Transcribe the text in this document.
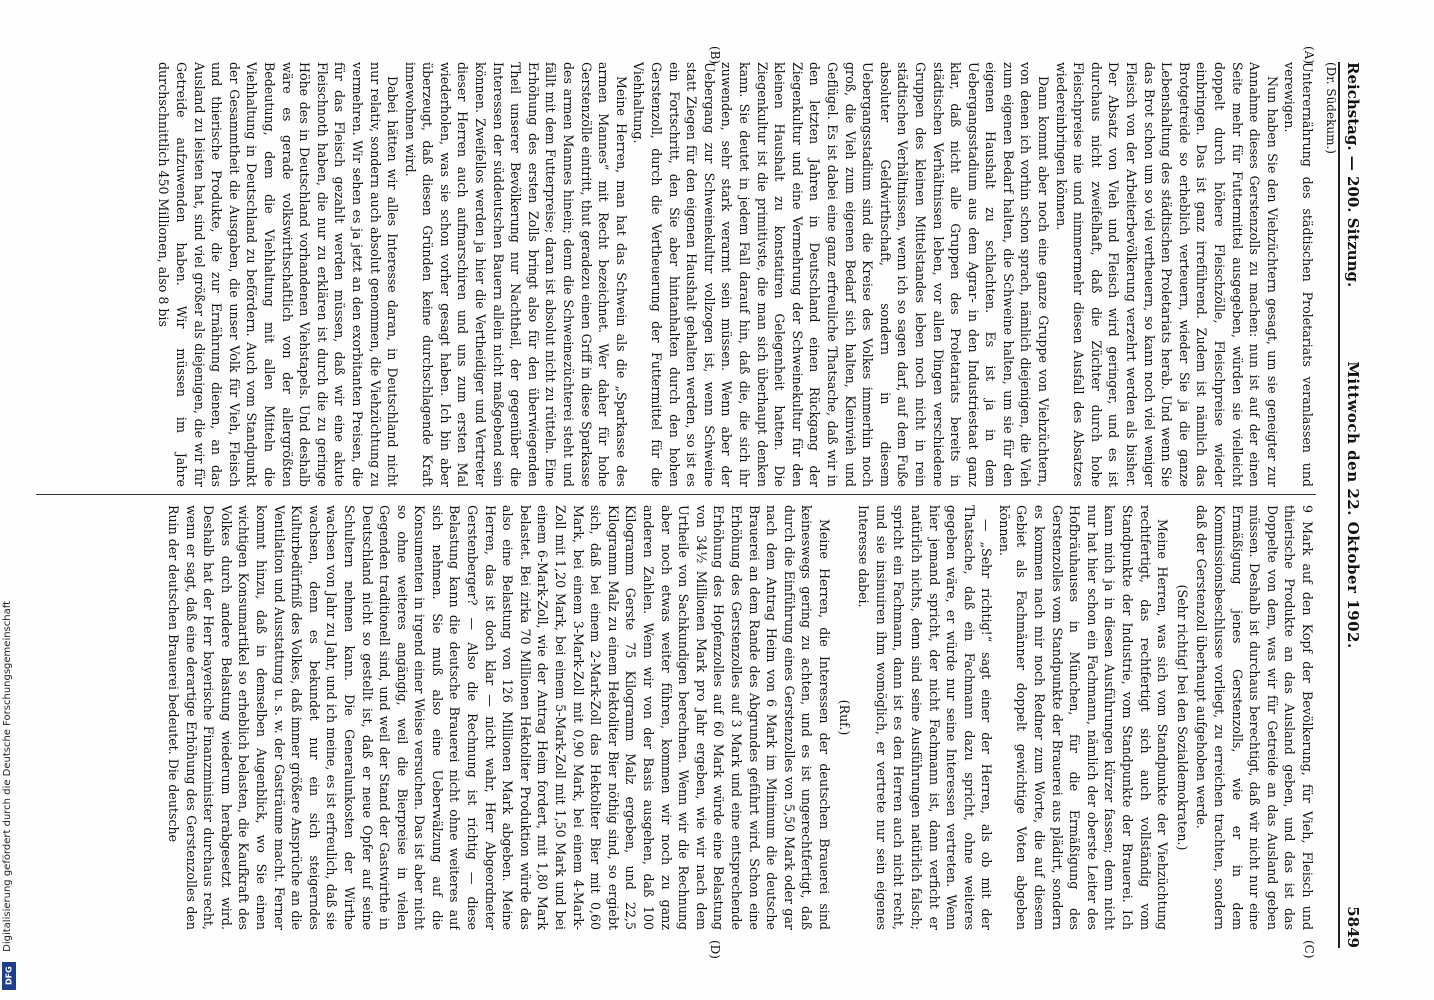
Reichstag. — 200. Sitzung.
Mittwoch den 22. Oktober 1902.
5849
(Dr. Südekum.)
(A)
(B)
(C)
(D)

Unterernährung des städtischen Proletariats veranlassen und verewigen.

Nun haben Sie den Viehzüchtern gesagt, um sie geneigter zur Annahme dieses Gerstenzolls zu machen: nun ist auf der einen Seite mehr für Futtermittel ausgegeben, würden sie vielleicht doppelt durch höhere Fleischzölle, Fleischpreise wieder einbringen. Das ist ganz irreführend. Zudem ist nämlich das Brotgetreide so erheblich verteuern, wieder Sie ja die ganze Lebenshaltung des städtischen Proletariats herab. Und wenn Sie das Brot schon um so viel vertheuern, so kann noch viel weniger Fleisch von der Arbeiterbevölkerung verzehrt werden als bisher. Der Absatz von Vieh und Fleisch wird geringer, und es ist durchaus nicht zweifelhaft, daß die Züchter durch hohe Fleischpreise nie und nimmermehr diesen Ausfall des Absatzes wiedereinbringen können.

Dann kommt aber noch eine ganze Gruppe von Viehzüchtern, von denen ich vorhin schon sprach, nämlich diejenigen, die Vieh zum eigenen Bedarf halten, die Schweine halten, um sie für den eigenen Haushalt zu schlachten. Es ist ja in dem Uebergangsstadium aus dem Agrar- in den Industriestaat ganz klar, daß nicht alle Gruppen des Proletariats bereits in städtischen Verhältnissen leben, vor allen Dingen verschiedene Gruppen des kleinen Mittelstandes leben noch nicht in rein städtischen Verhältnissen, wenn ich so sagen darf, auf dem Fuße absoluter Geldwirthschaft, sondern in diesem Uebergangsstadium sind die Kreise des Volkes immerhin noch groß, die Vieh zum eigenen Bedarf sich halten, Kleinvieh und Geflügel. Es ist dabei eine ganz erfreuliche Thatsache, daß wir in den letzten Jahren in Deutschland einen Rückgang der Ziegenkultur und eine Vermehrung der Schweinekultur für den kleinen Haushalt zu konstatiren Gelegenheit hatten. Die Ziegenkultur ist die primitivste, die man sich überhaupt denken kann. Sie deutet in jedem Fall darauf hin, daß die, die sich ihr zuwenden, sehr stark verarmt sein müssen. Wenn aber der Uebergang zur Schweinekultur vollzogen ist, wenn Schweine statt Ziegen für den eigenen Haushalt gehalten werden, so ist es ein Fortschritt, den Sie aber hintanhalten durch den hohen Gerstenzoll, durch die Vertheuerung der Futtermittel für die Viehhaltung.

Meine Herren, man hat das Schwein als die „Sparkasse des armen Mannes“ mit Recht bezeichnet. Wer daher für hohe Gerstenzölle eintritt, thut geradezu einen Griff in diese Sparkasse des armen Mannes hinein; denn die Schweinezüchterei steht und fällt mit dem Futterpreise; daran ist absolut nicht zu rütteln. Eine Erhöhung des ersten Zolls bringt also für den überwiegenden Theil unserer Bevölkerung nur Nachtheil, der gegenüber die Interessen der süddeutschen Bauern allein nicht maßgebend sein können. Zweifellos werden ja hier die Vertheidiger und Vertreter dieser Herren auch aufmarschiren und uns zum ersten Mal wiederholen, was sie schon vorher gesagt haben. Ich bin aber überzeugt, daß diesen Gründen keine durchschlagende Kraft innewohnen wird.

Dabei hätten wir alles Interesse daran, in Deutschland nicht nur relativ, sondern auch absolut genommen, die Viehzüchtung zu vermehren. Wir sehen es ja jetzt an den exorbitanten Preisen, die für das Fleisch gezahlt werden müssen, daß wir eine akute Fleischnoth haben, die nur zu erklären ist durch die zu geringe Höhe des in Deutschland vorhandenen Viehstapels. Und deshalb wäre es gerade volkswirthschaftlich von der allergrößten Bedeutung, dem die Viehhaltung mit allen Mitteln die Viehhaltung in Deutschland zu befördern. Auch vom Standpunkt der Gesammtheit die Ausgaben, die unser Volk für Vieh, Fleisch und thierische Produkte, die zur Ernährung dienen, an das Ausland zu leisten hat, sind viel größer als diejenigen, die wir für Getreide aufzuwenden haben. Wir müssen im Jahre durchschnittlich 450 Millionen, also 8 bis

9 Mark auf den Kopf der Bevölkerung, für Vieh, Fleisch und thierische Produkte an das Ausland geben, und das ist das Doppelte von dem, was wir für Getreide an das Ausland geben müssen. Deshalb ist durchaus berechtigt, daß wir nicht nur eine Ermäßigung jenes Gerstenzolls, wie er in dem Kommissionsbeschlusse vorliegt, zu erreichen trachten, sondern daß der Gerstenzoll überhaupt aufgehoben werde.

(Sehr richtig! bei den Sozialdemokraten.)

Meine Herren, was sich vom Standpunkte der Viehzüchtung rechtfertigt, das rechtfertigt sich auch vollständig vom Standpunkte der Industrie, vom Standpunkte der Brauerei. Ich kann mich ja in diesen Ausführungen kürzer fassen; denn nicht nur hat hier schon ein Fachmann, nämlich der oberste Leiter des Hofbräuhauses in München, für die Ermäßigung des Gerstenzolles vom Standpunkte der Brauerei aus plädirt, sondern es kommen nach mir noch Redner zum Worte, die auf diesem Gebiet als Fachmänner doppelt gewichtige Voten abgeben können.

— „Sehr richtig!“ sagt einer der Herren, als ob mit der Thatsache, daß ein Fachmann dazu spricht, ohne weiteres gegeben wäre, er würde nur seine Interessen vertreten. Wenn hier jemand spricht, der nicht Fachmann ist, dann verficht er natürlich nichts, denn sind seine Ausführungen natürlich falsch; spricht ein Fachmann, dann ist es den Herren auch nicht recht, und sie insinuiren ihm womöglich, er vertrete nur sein eigenes Interesse dabei.

(Ruf.)

Meine Herren, die Interessen der deutschen Brauerei sind keineswegs gering zu achten, und es ist ungerechtfertigt, daß durch die Einführung eines Gerstenzolles von 5,50 Mark oder gar nach dem Antrag Heim von 6 Mark im Minimum die deutsche Brauerei an dem Rande des Abgrundes geführt wird. Schon eine Erhöhung des Gerstenzolles auf 3 Mark und eine entsprechende Erhöhung des Hopfenzolles auf 60 Mark würde eine Belastung von 34½ Millionen Mark pro Jahr ergeben, wie wir nach dem Urtheile von Sachkundigen berechnen. Wenn wir die Rechnung aber noch etwas weiter führen, kommen wir noch zu ganz anderen Zahlen. Wenn wir von der Basis ausgehen, daß 100 Kilogramm Gerste 75 Kilogramm Malz ergeben, und 22,5 Kilogramm Malz zu einem Hektoliter Bier nöthig sind, so ergiebt sich, daß bei einem 2-Mark-Zoll das Hektoliter Bier mit 0,60 Mark, bei einem 3-Mark-Zoll mit 0,90 Mark, bei einem 4-Mark-Zoll mit 1,20 Mark, bei einem 5-Mark-Zoll mit 1,50 Mark und bei einem 6-Mark-Zoll, wie der Antrag Heim fordert, mit 1,80 Mark belastet. Bei zirka 70 Millionen Hektoliter Produktion würde das also eine Belastung von 126 Millionen Mark abgeben. Meine Herren, das ist doch klar — nicht wahr, Herr Abgeordneter Gerstenberger? — Also die Rechnung ist richtig — diese Belastung kann die deutsche Brauerei nicht ohne weiteres auf sich nehmen. Sie muß also eine Ueberwälzung auf die Konsumenten in irgend einer Weise versuchen. Das ist aber nicht so ohne weiteres angängig, weil die Bierpreise in vielen Gegenden traditionell sind, und weil der Stand der Gastwirthe in Deutschland nicht so gestellt ist, daß er neue Opfer auf seine Schultern nehmen kann. Die Generalunkosten der Wirthe wachsen von Jahr zu Jahr, und ich meine, es ist erfreulich, daß sie wachsen, denn es bekundet nur ein sich steigerndes Kulturbedürfniß des Volkes, daß immer größere Ansprüche an die Ventilation und Ausstattung u. s. w. der Gasträume macht. Ferner kommt hinzu, daß in demselben Augenblick, wo Sie einen wichtigen Konsumartikel so erheblich belasten, die Kaufkraft des Volkes durch andere Belastung wiederum herabgesetzt wird. Deshalb hat der Herr bayerische Finanzminister durchaus recht, wenn er sagt, daß eine derartige Erhöhung des Gerstenzolles den Ruin der deutschen Brauerei bedeutet. Die deutsche

Digitalisierung gefördert durch die Deutsche Forschungsgemeinschaft
DFG
